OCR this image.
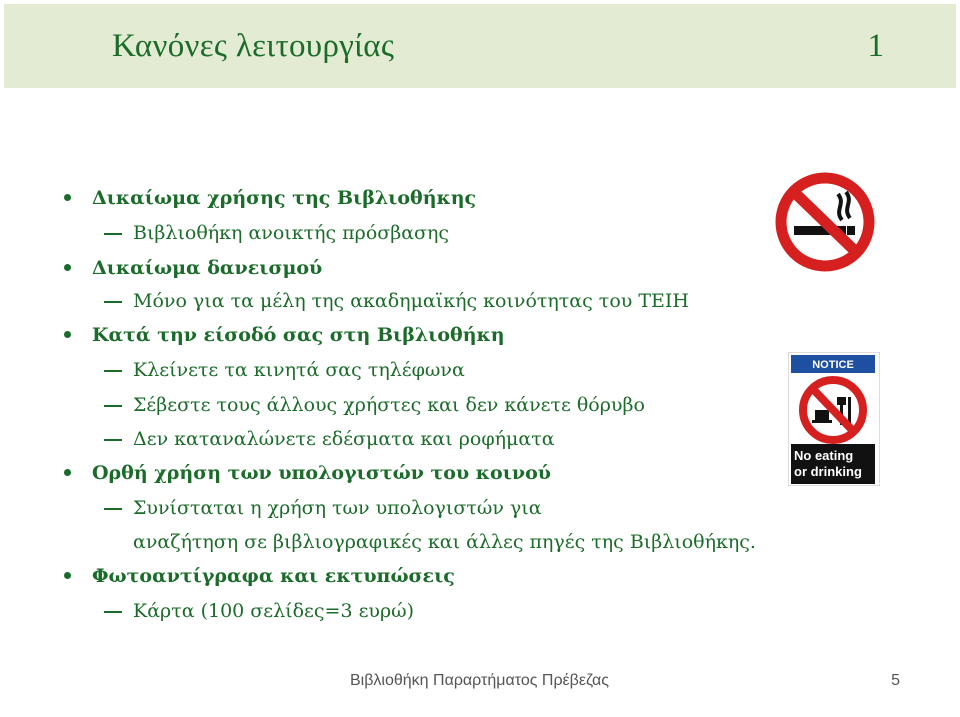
Κανόνες λειτουργίας	1
Δικαίωμα χρήσης της Βιβλιοθήκης
Βιβλιοθήκη ανοικτής πρόσβασης
Δικαίωμα δανεισμού
Μόνο για τα μέλη της ακαδημαϊκής κοινότητας του ΤΕΙΗ
Κατά την είσοδό σας στη Βιβλιοθήκη
Κλείνετε τα κινητά σας τηλέφωνα
Σέβεστε τους άλλους χρήστες και δεν κάνετε θόρυβο
Δεν καταναλώνετε εδέσματα και ροφήματα
Ορθή χρήση των υπολογιστών του κοινού
Συνίσταται η χρήση των υπολογιστών για
αναζήτηση σε βιβλιογραφικές και άλλες πηγές της Βιβλιοθήκης.
Φωτοαντίγραφα και εκτυπώσεις
Κάρτα (100 σελίδες=3 ευρώ)
NOTICE
No eating
or drinking
Βιβλιοθήκη Παραρτήματος Πρέβεζας	5
